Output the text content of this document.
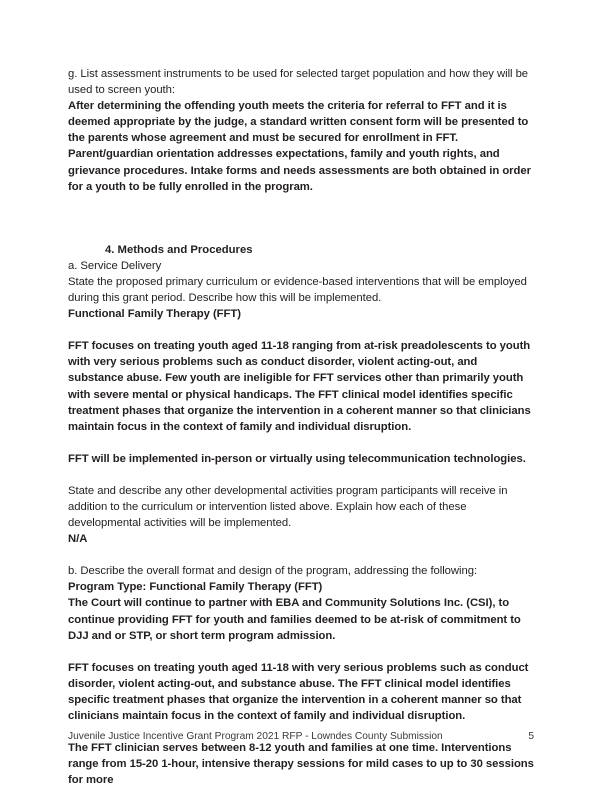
g. List assessment instruments to be used for selected target population and how they will be used to screen youth:

After determining the offending youth meets the criteria for referral to FFT and it is deemed appropriate by the judge, a standard written consent form will be presented to the parents whose agreement and must be secured for enrollment in FFT. Parent/guardian orientation addresses expectations, family and youth rights, and grievance procedures. Intake forms and needs assessments are both obtained in order for a youth to be fully enrolled in the program.

4. Methods and Procedures

a. Service Delivery

State the proposed primary curriculum or evidence-based interventions that will be employed during this grant period. Describe how this will be implemented.

Functional Family Therapy (FFT)

FFT focuses on treating youth aged 11-18 ranging from at-risk preadolescents to youth with very serious problems such as conduct disorder, violent acting-out, and substance abuse. Few youth are ineligible for FFT services other than primarily youth with severe mental or physical handicaps. The FFT clinical model identifies specific treatment phases that organize the intervention in a coherent manner so that clinicians maintain focus in the context of family and individual disruption.

FFT will be implemented in-person or virtually using telecommunication technologies.

State and describe any other developmental activities program participants will receive in addition to the curriculum or intervention listed above. Explain how each of these developmental activities will be implemented.

N/A

b. Describe the overall format and design of the program, addressing the following:

Program Type: Functional Family Therapy (FFT)

The Court will continue to partner with EBA and Community Solutions Inc. (CSI), to continue providing FFT for youth and families deemed to be at-risk of commitment to DJJ and or STP, or short term program admission.

FFT focuses on treating youth aged 11-18 with very serious problems such as conduct disorder, violent acting-out, and substance abuse. The FFT clinical model identifies specific treatment phases that organize the intervention in a coherent manner so that clinicians maintain focus in the context of family and individual disruption.

The FFT clinician serves between 8-12 youth and families at one time. Interventions range from 15-20 1-hour, intensive therapy sessions for mild cases to up to 30 sessions for more

Juvenile Justice Incentive Grant Program 2021 RFP - Lowndes County Submission	5
